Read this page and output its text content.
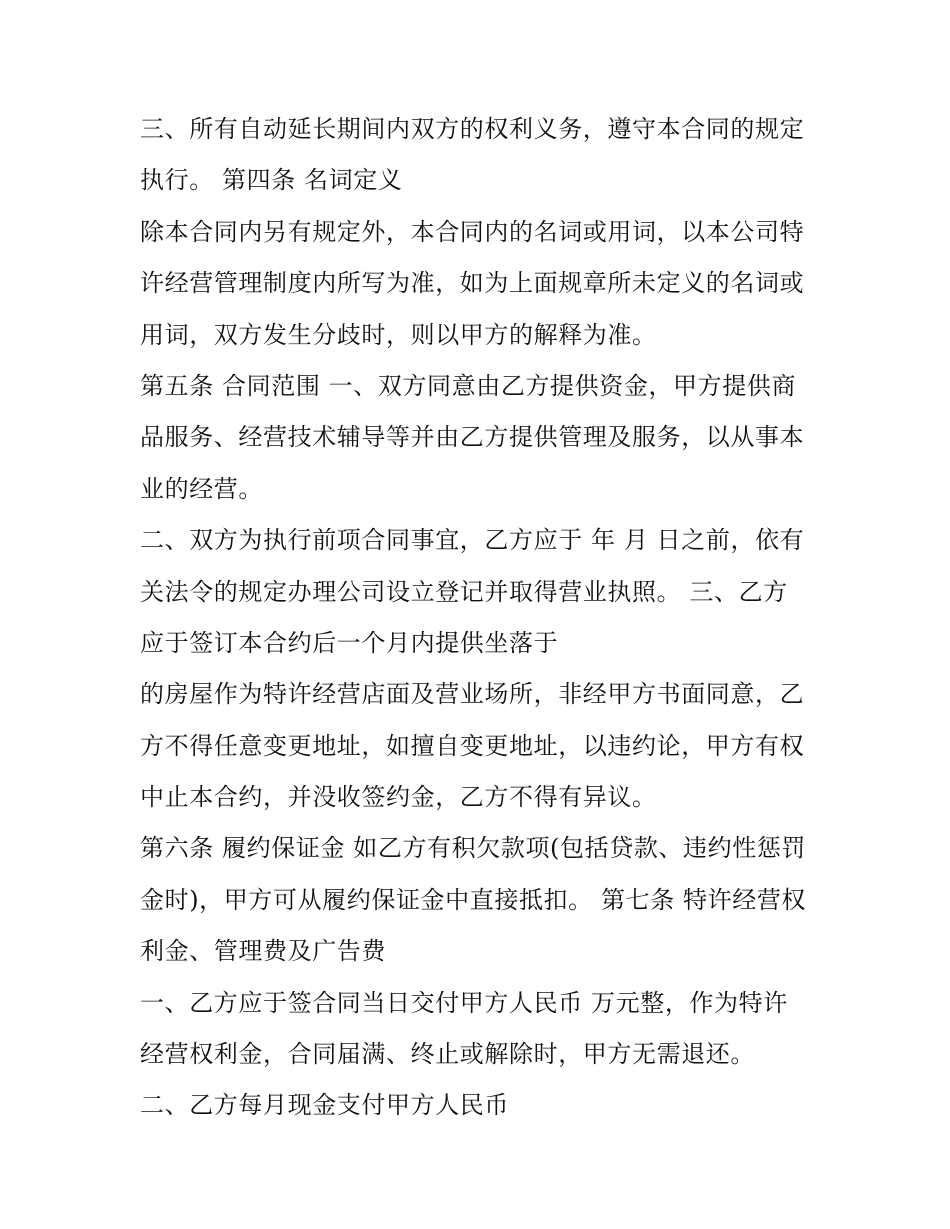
三、所有自动延长期间内双方的权利义务，遵守本合同的规定
执行。 第四条 名词定义
除本合同内另有规定外，本合同内的名词或用词，以本公司特
许经营管理制度内所写为准，如为上面规章所未定义的名词或
用词，双方发生分歧时，则以甲方的解释为准。
第五条 合同范围 一、双方同意由乙方提供资金，甲方提供商
品服务、经营技术辅导等并由乙方提供管理及服务，以从事本
业的经营。
二、双方为执行前项合同事宜，乙方应于 年 月 日之前，依有
关法令的规定办理公司设立登记并取得营业执照。 三、乙方
应于签订本合约后一个月内提供坐落于
的房屋作为特许经营店面及营业场所，非经甲方书面同意，乙
方不得任意变更地址，如擅自变更地址，以违约论，甲方有权
中止本合约，并没收签约金，乙方不得有异议。
第六条 履约保证金 如乙方有积欠款项(包括贷款、违约性惩罚
金时)，甲方可从履约保证金中直接抵扣。 第七条 特许经营权
利金、管理费及广告费
一、乙方应于签合同当日交付甲方人民币 万元整，作为特许
经营权利金，合同届满、终止或解除时，甲方无需退还。
二、乙方每月现金支付甲方人民币
